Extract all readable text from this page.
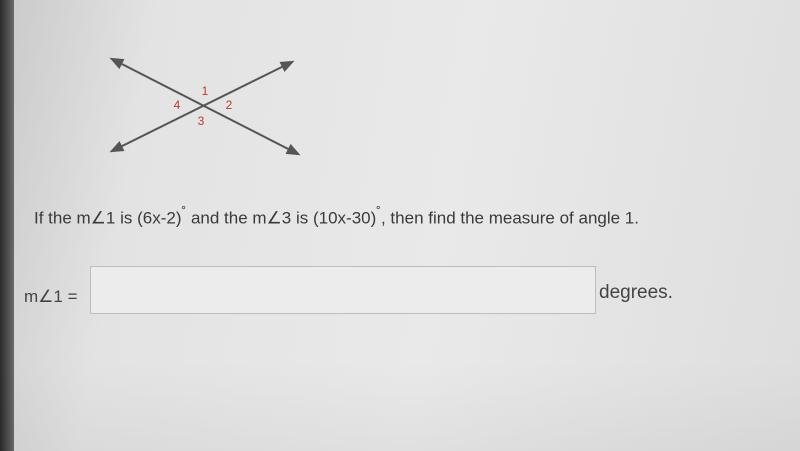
1
2
3
4
If the m∠1 is (6x-2)˚ and the m∠3 is (10x-30)˚, then find the measure of angle 1.
m∠1 =	degrees.
